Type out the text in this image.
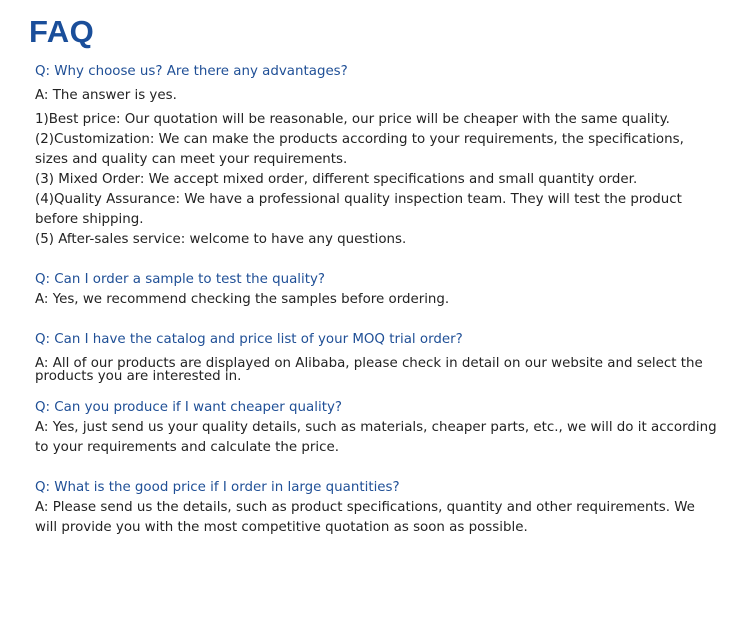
FAQ
Q: Why choose us? Are there any advantages?
A: The answer is yes.
1)Best price: Our quotation will be reasonable, our price will be cheaper with the same quality.
(2)Customization: We can make the products according to your requirements, the specifications,
sizes and quality can meet your requirements.
(3) Mixed Order: We accept mixed order, different specifications and small quantity order.
(4)Quality Assurance: We have a professional quality inspection team. They will test the product
before shipping.
(5) After-sales service: welcome to have any questions.
Q: Can I order a sample to test the quality?
A: Yes, we recommend checking the samples before ordering.
Q: Can I have the catalog and price list of your MOQ trial order?
A: All of our products are displayed on Alibaba, please check in detail on our website and select the
products you are interested in.
Q: Can you produce if I want cheaper quality?
A: Yes, just send us your quality details, such as materials, cheaper parts, etc., we will do it according
to your requirements and calculate the price.
Q: What is the good price if I order in large quantities?
A: Please send us the details, such as product specifications, quantity and other requirements. We
will provide you with the most competitive quotation as soon as possible.
